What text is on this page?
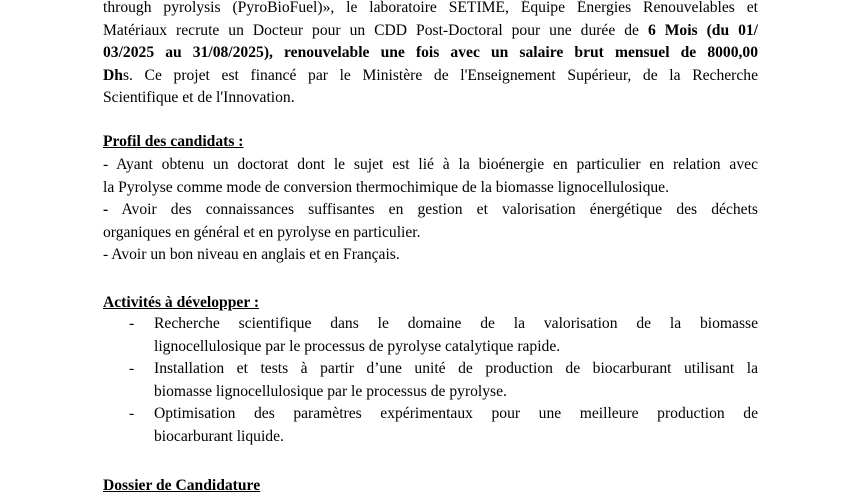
through pyrolysis (PyroBioFuel)», le laboratoire SETIME, Équipe Énergies Renouvelables et
Matériaux recrute un Docteur pour un CDD Post-Doctoral pour une durée de 6 Mois (du 01/
03/2025 au 31/08/2025), renouvelable une fois avec un salaire brut mensuel de 8000,00
Dhs. Ce projet est financé par le Ministère de l'Enseignement Supérieur, de la Recherche
Scientifique et de l'Innovation.
Profil des candidats :
- Ayant obtenu un doctorat dont le sujet est lié à la bioénergie en particulier en relation avec
la Pyrolyse comme mode de conversion thermochimique de la biomasse lignocellulosique.
- Avoir des connaissances suffisantes en gestion et valorisation énergétique des déchets
organiques en général et en pyrolyse en particulier.
- Avoir un bon niveau en anglais et en Français.
Activités à développer :
- Recherche scientifique dans le domaine de la valorisation de la biomasse
lignocellulosique par le processus de pyrolyse catalytique rapide.
- Installation et tests à partir d’une unité de production de biocarburant utilisant la
biomasse lignocellulosique par le processus de pyrolyse.
- Optimisation des paramètres expérimentaux pour une meilleure production de
biocarburant liquide.
Dossier de Candidature
